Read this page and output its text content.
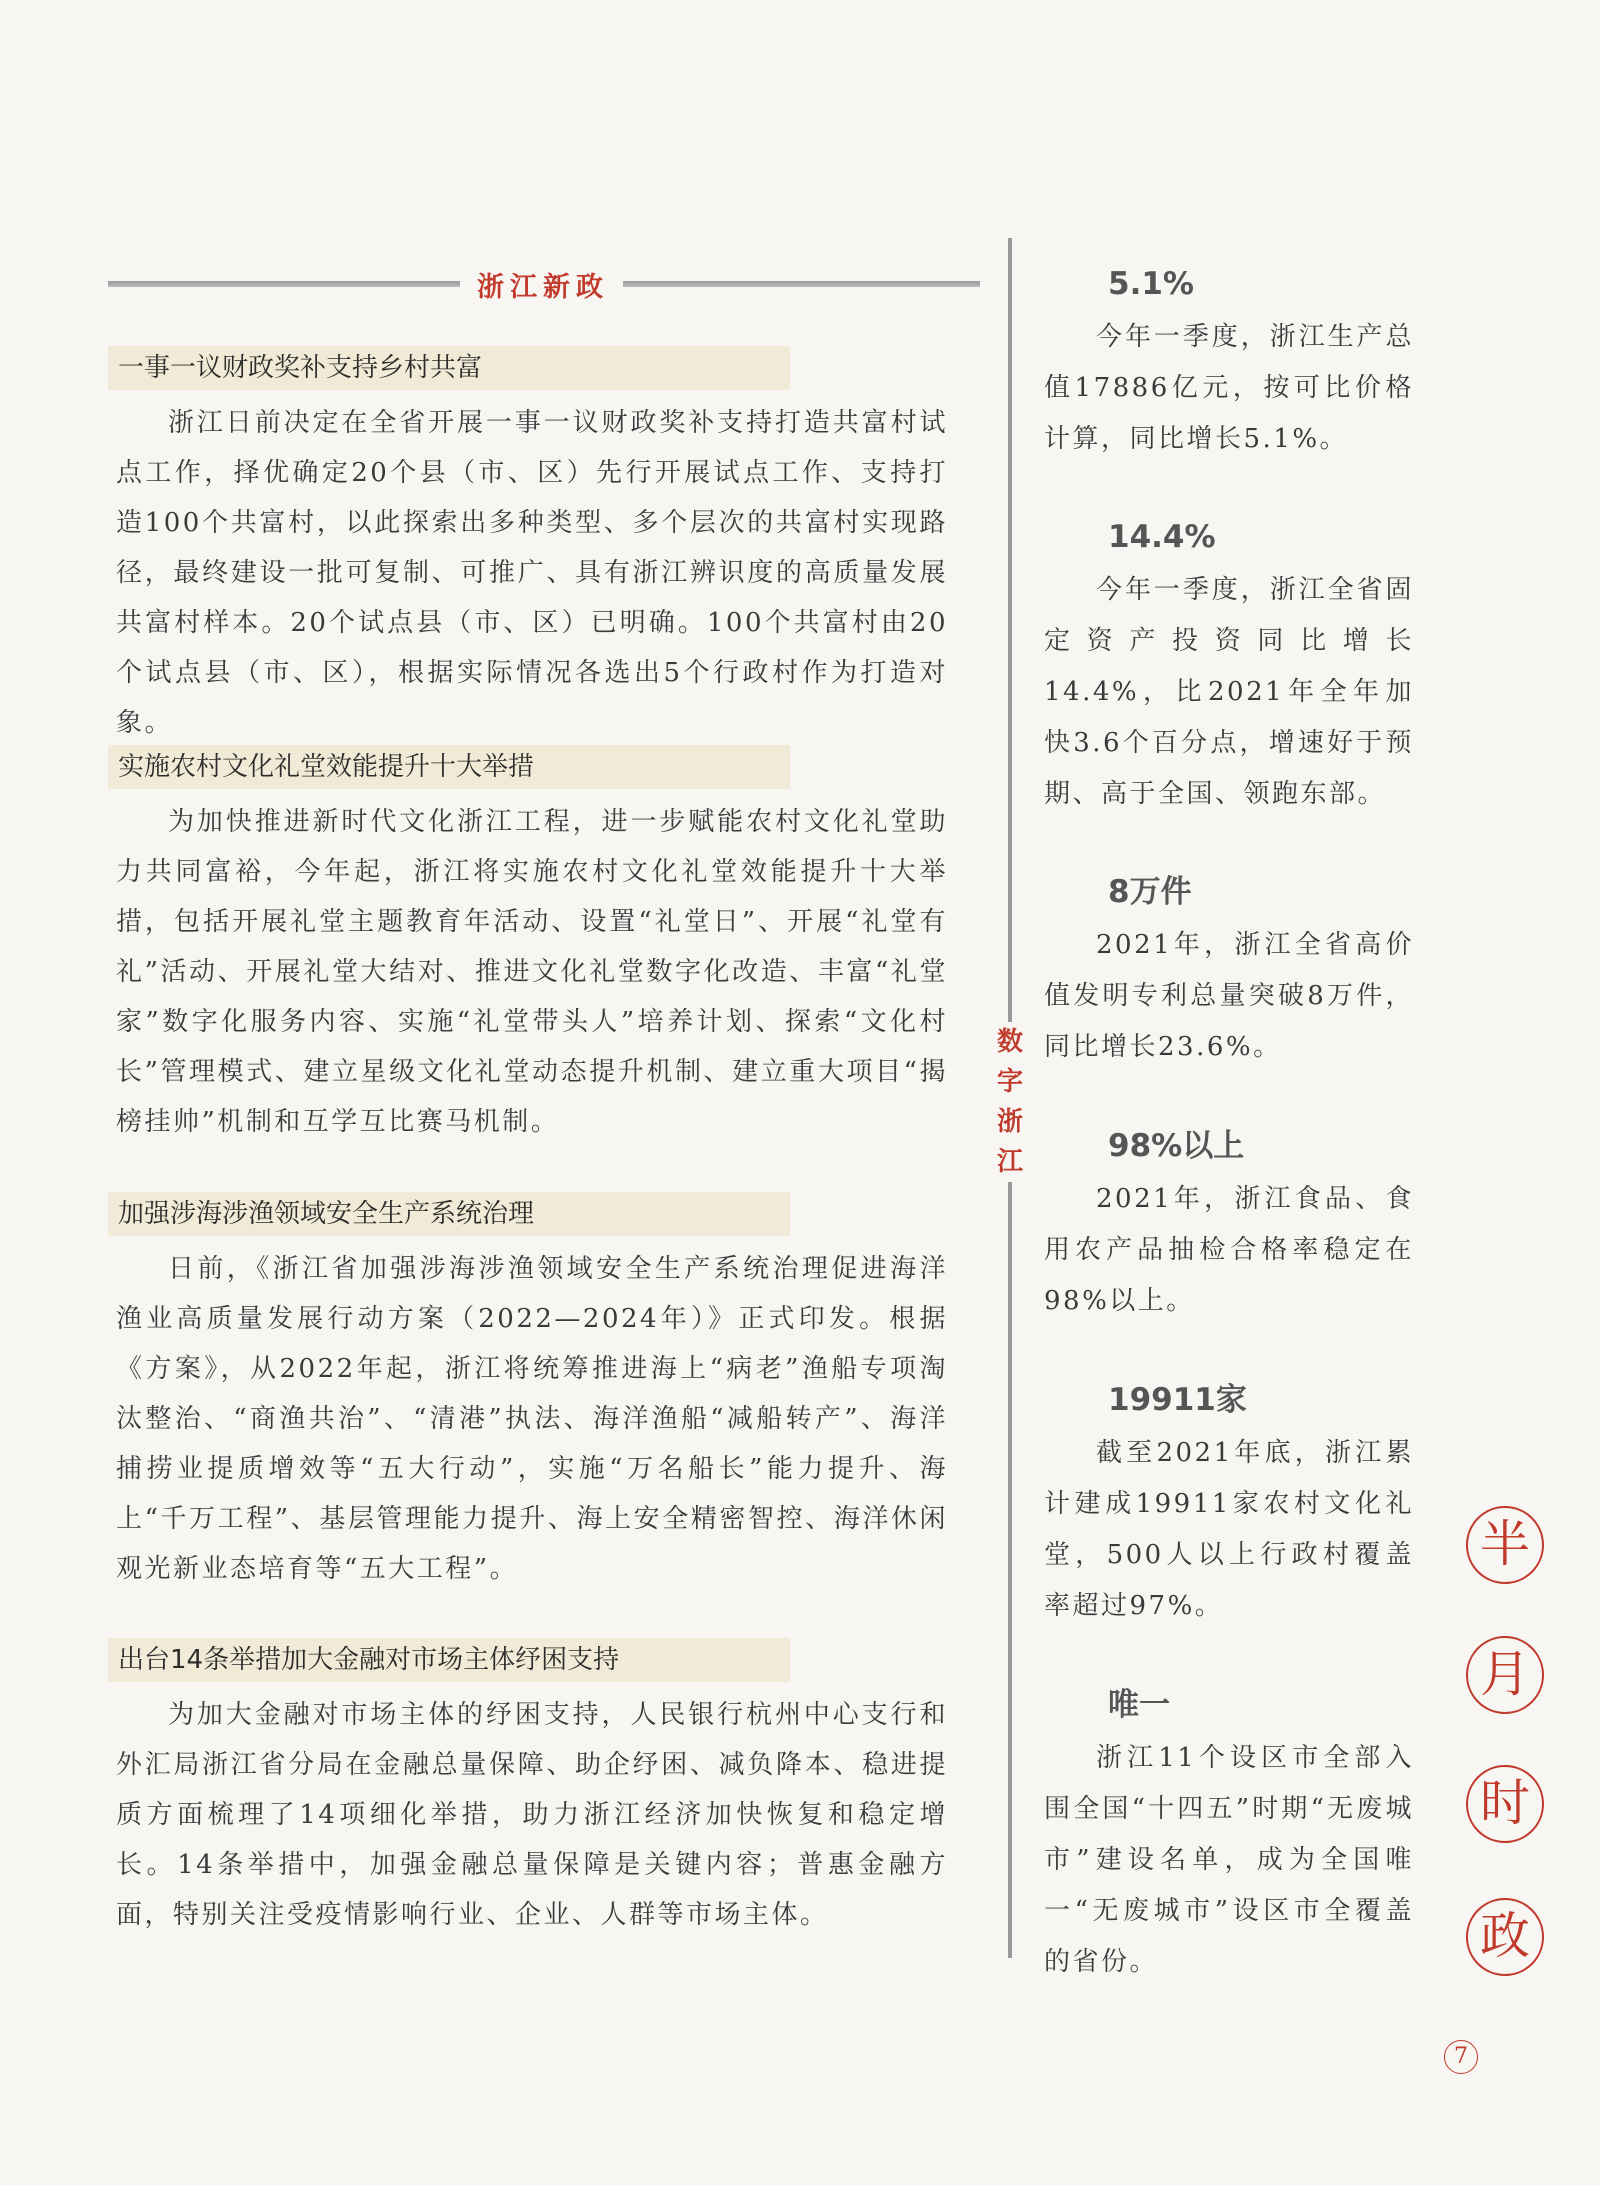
浙江新政
一事一议财政奖补支持乡村共富
浙江日前决定在全省开展一事一议财政奖补支持打造共富村试点工作，择优确定20个县（市、区）先行开展试点工作、支持打造100个共富村，以此探索出多种类型、多个层次的共富村实现路径，最终建设一批可复制、可推广、具有浙江辨识度的高质量发展共富村样本。20个试点县（市、区）已明确。100个共富村由20个试点县（市、区），根据实际情况各选出5个行政村作为打造对象。
实施农村文化礼堂效能提升十大举措
为加快推进新时代文化浙江工程，进一步赋能农村文化礼堂助力共同富裕，今年起，浙江将实施农村文化礼堂效能提升十大举措，包括开展礼堂主题教育年活动、设置“礼堂日”、开展“礼堂有礼”活动、开展礼堂大结对、推进文化礼堂数字化改造、丰富“礼堂家”数字化服务内容、实施“礼堂带头人”培养计划、探索“文化村长”管理模式、建立星级文化礼堂动态提升机制、建立重大项目“揭榜挂帅”机制和互学互比赛马机制。
加强涉海涉渔领域安全生产系统治理
日前，《浙江省加强涉海涉渔领域安全生产系统治理促进海洋渔业高质量发展行动方案（2022—2024年）》正式印发。根据《方案》，从2022年起，浙江将统筹推进海上“病老”渔船专项淘汰整治、“商渔共治”、“清港”执法、海洋渔船“减船转产”、海洋捕捞业提质增效等“五大行动”，实施“万名船长”能力提升、海上“千万工程”、基层管理能力提升、海上安全精密智控、海洋休闲观光新业态培育等“五大工程”。
出台14条举措加大金融对市场主体纾困支持
为加大金融对市场主体的纾困支持，人民银行杭州中心支行和外汇局浙江省分局在金融总量保障、助企纾困、减负降本、稳进提质方面梳理了14项细化举措，助力浙江经济加快恢复和稳定增长。14条举措中，加强金融总量保障是关键内容；普惠金融方面，特别关注受疫情影响行业、企业、人群等市场主体。
数
字
浙
江
5.1%
今年一季度，浙江生产总值17886亿元，按可比价格计算，同比增长5.1%。
14.4%
今年一季度，浙江全省固定资产投资同比增长14.4%，比2021年全年加快3.6个百分点，增速好于预期、高于全国、领跑东部。
8万件
2021年，浙江全省高价值发明专利总量突破8万件，同比增长23.6%。
98%以上
2021年，浙江食品、食用农产品抽检合格率稳定在98%以上。
19911家
截至2021年底，浙江累计建成19911家农村文化礼堂，500人以上行政村覆盖率超过97%。
唯一
浙江11个设区市全部入围全国“十四五”时期“无废城市”建设名单，成为全国唯一“无废城市”设区市全覆盖的省份。
半
月
时
政
7
